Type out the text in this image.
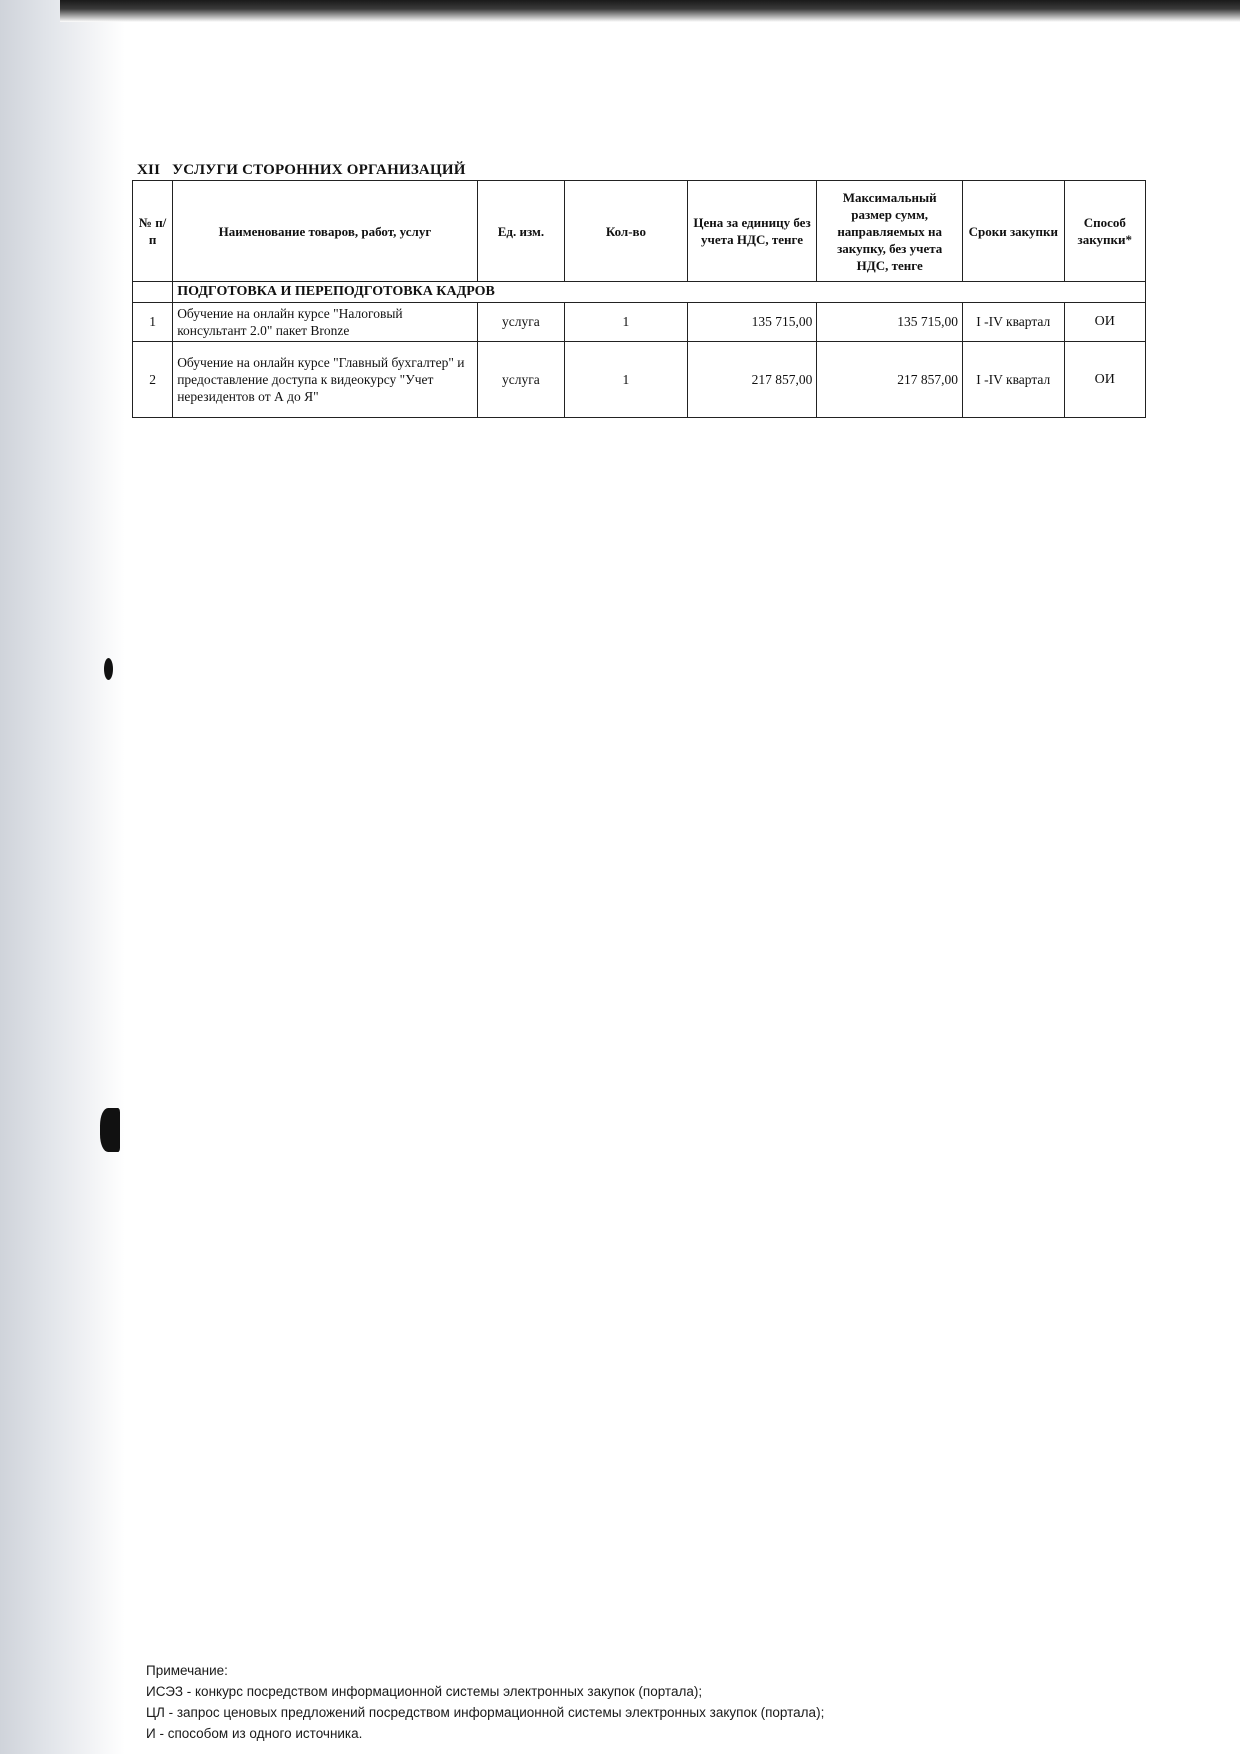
XII УСЛУГИ СТОРОННИХ ОРГАНИЗАЦИЙ
№ п/п	Наименование товаров, работ, услуг	Ед. изм.	Кол-во	Цена за единицу без учета НДС, тенге	Максимальный размер сумм, направляемых на закупку, без учета НДС, тенге	Сроки закупки	Способ закупки*
	ПОДГОТОВКА И ПЕРЕПОДГОТОВКА КАДРОВ						
1	Обучение на онлайн курсе "Налоговый консультант 2.0" пакет Bronze	услуга	1	135 715,00	135 715,00	I -IV квартал	ОИ
2	Обучение на онлайн курсе "Главный бухгалтер" и предоставление доступа к видеокурсу "Учет нерезидентов от А до Я"	услуга	1	217 857,00	217 857,00	I -IV квартал	ОИ
Примечание:
ИСЭЗ - конкурс посредством информационной системы электронных закупок (портала);
ЦЛ - запрос ценовых предложений посредством информационной системы электронных закупок (портала);
И - способом из одного источника.
